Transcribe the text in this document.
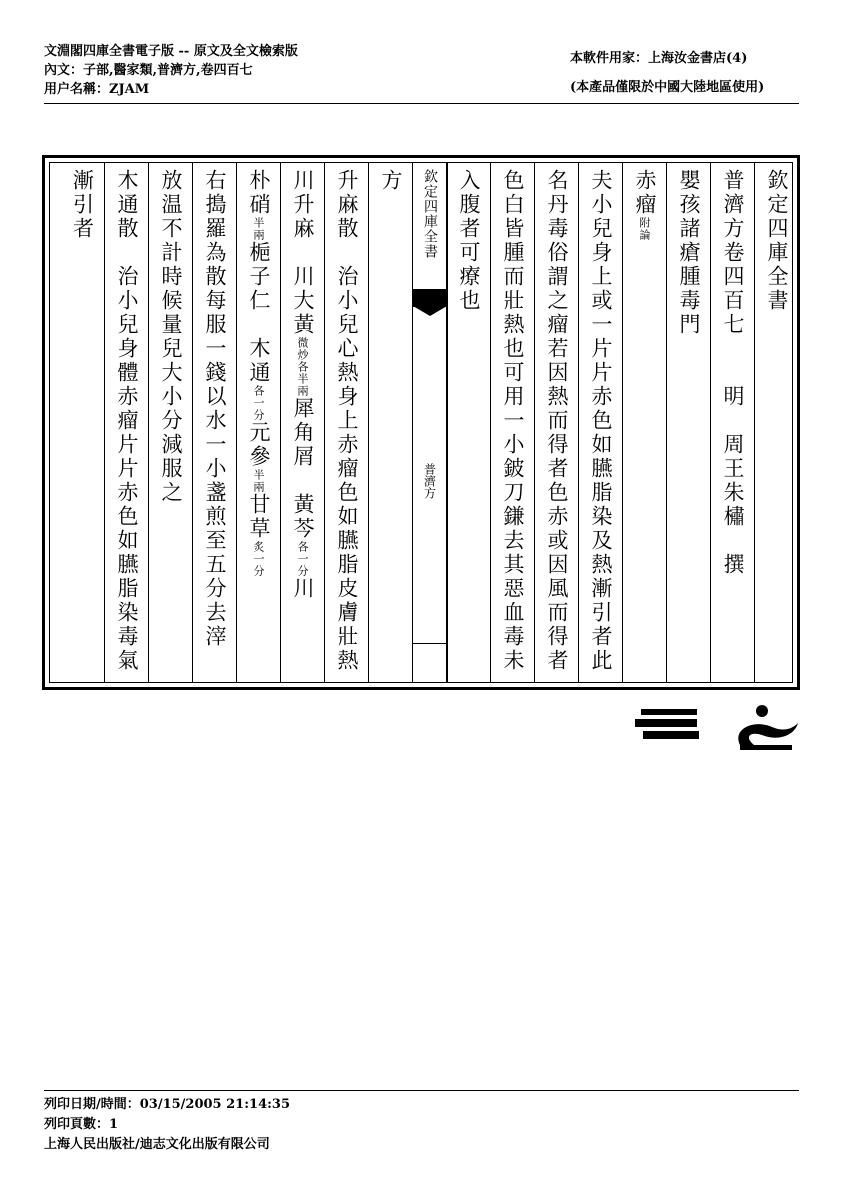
文淵閣四庫全書電子版 -- 原文及全文檢索版
內文：子部,醫家類,普濟方,卷四百七
用户名稱：ZJAM
本軟件用家：上海汝金書店(4)
(本產品僅限於中國大陸地區使用)
欽定四庫全書
普濟方卷四百七　　明　周王朱橚　撰
嬰孩諸瘡腫毒門
赤瘤
附論
夫小兒身上或一片片赤色如臙脂染及熱漸引者此
名丹毒俗謂之瘤若因熱而得者色赤或因風而得者
色白皆腫而壯熱也可用一小鈹刀鎌去其惡血毒未
入腹者可療也
欽定四庫全書
普濟方
方
升麻散　治小兒心熱身上赤瘤色如臙脂皮膚壯熱
川升麻　川大黃
微炒各半兩
犀角屑　黃芩
各一分
川
朴硝
半兩
梔子仁　木通
各一分
元參
半兩
甘草
炙一分
右搗羅為散每服一錢以水一小盞煎至五分去滓
放温不計時候量兒大小分減服之
木通散　治小兒身體赤瘤片片赤色如臙脂染毒氣
漸引者
列印日期/時間：03/15/2005 21:14:35
列印頁數：1
上海人民出版社/迪志文化出版有限公司
